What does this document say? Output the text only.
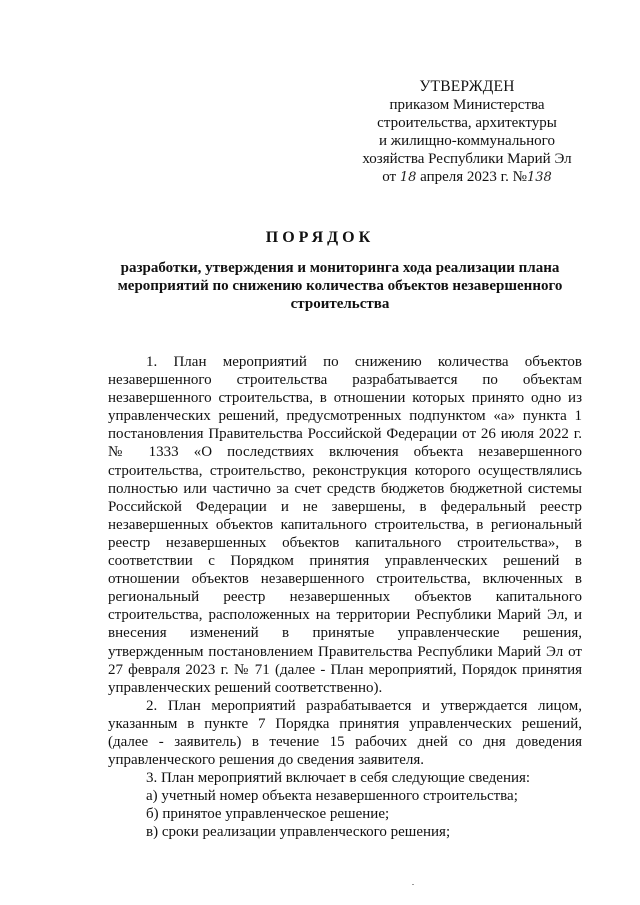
УТВЕРЖДЕН
приказом Министерства
строительства, архитектуры
и жилищно-коммунального
хозяйства Республики Марий Эл
от 18 апреля 2023 г. №138
ПОРЯДОК
разработки, утверждения и мониторинга хода реализации плана мероприятий по снижению количества объектов незавершенного строительства

1. План мероприятий по снижению количества объектов незавершенного строительства разрабатывается по объектам незавершенного строительства, в отношении которых принято одно из управленческих решений, предусмотренных подпунктом «а» пункта 1 постановления Правительства Российской Федерации от 26 июля 2022 г. № 1333 «О последствиях включения объекта незавершенного строительства, строительство, реконструкция которого осуществлялись полностью или частично за счет средств бюджетов бюджетной системы Российской Федерации и не завершены, в федеральный реестр незавершенных объектов капитального строительства, в региональный реестр незавершенных объектов капитального строительства», в соответствии с Порядком принятия управленческих решений в отношении объектов незавершенного строительства, включенных в региональный реестр незавершенных объектов капитального строительства, расположенных на территории Республики Марий Эл, и внесения изменений в принятые управленческие решения, утвержденным постановлением Правительства Республики Марий Эл от 27 февраля 2023 г. № 71 (далее - План мероприятий, Порядок принятия управленческих решений соответственно).

2. План мероприятий разрабатывается и утверждается лицом, указанным в пункте 7 Порядка принятия управленческих решений, (далее - заявитель) в течение 15 рабочих дней со дня доведения управленческого решения до сведения заявителя.

3. План мероприятий включает в себя следующие сведения:

а) учетный номер объекта незавершенного строительства;

б) принятое управленческое решение;

в) сроки реализации управленческого решения;
